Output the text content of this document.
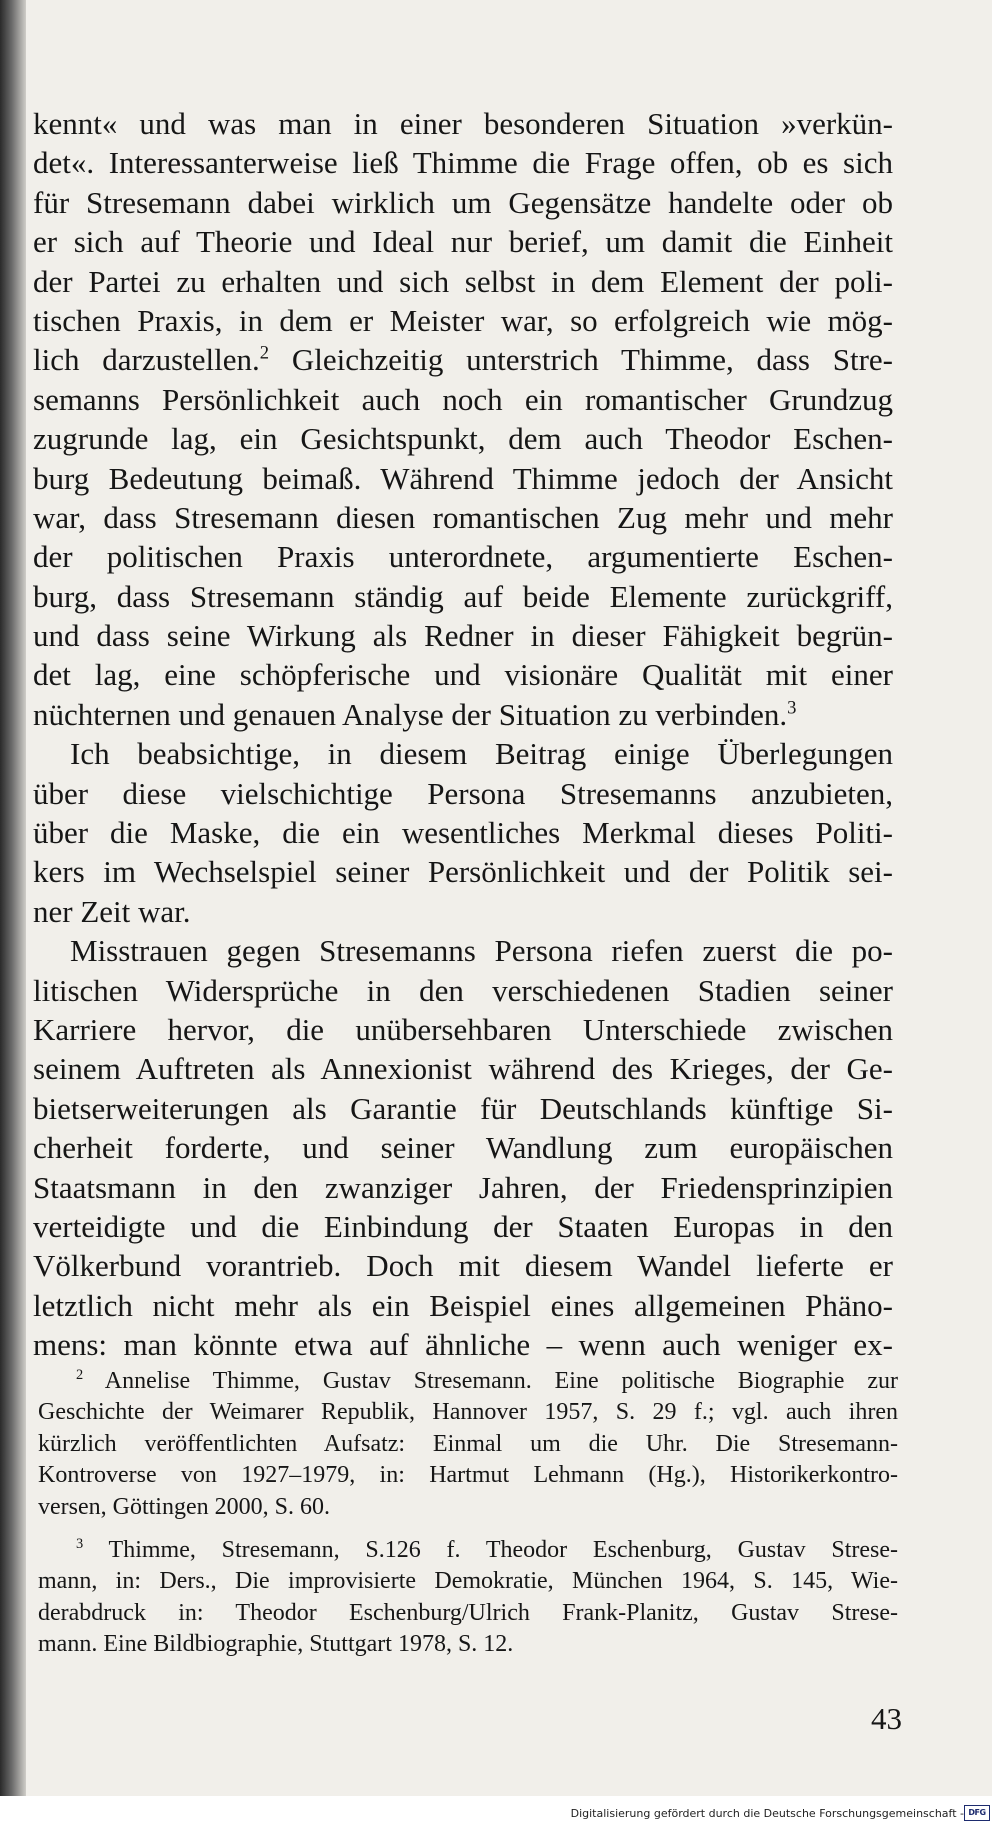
kennt« und was man in einer besonderen Situation »verkün-
det«. Interessanterweise ließ Thimme die Frage offen, ob es sich
für Stresemann dabei wirklich um Gegensätze handelte oder ob
er sich auf Theorie und Ideal nur berief, um damit die Einheit
der Partei zu erhalten und sich selbst in dem Element der poli-
tischen Praxis, in dem er Meister war, so erfolgreich wie mög-
lich darzustellen.$^2$ Gleichzeitig unterstrich Thimme, dass Stre-
semanns Persönlichkeit auch noch ein romantischer Grundzug
zugrunde lag, ein Gesichtspunkt, dem auch Theodor Eschen-
burg Bedeutung beimaß. Während Thimme jedoch der Ansicht
war, dass Stresemann diesen romantischen Zug mehr und mehr
der politischen Praxis unterordnete, argumentierte Eschen-
burg, dass Stresemann ständig auf beide Elemente zurückgriff,
und dass seine Wirkung als Redner in dieser Fähigkeit begrün-
det lag, eine schöpferische und visionäre Qualität mit einer
nüchternen und genauen Analyse der Situation zu verbinden.$^3$
Ich beabsichtige, in diesem Beitrag einige Überlegungen
über diese vielschichtige Persona Stresemanns anzubieten,
über die Maske, die ein wesentliches Merkmal dieses Politi-
kers im Wechselspiel seiner Persönlichkeit und der Politik sei-
ner Zeit war.
Misstrauen gegen Stresemanns Persona riefen zuerst die po-
litischen Widersprüche in den verschiedenen Stadien seiner
Karriere hervor, die unübersehbaren Unterschiede zwischen
seinem Auftreten als Annexionist während des Krieges, der Ge-
bietserweiterungen als Garantie für Deutschlands künftige Si-
cherheit forderte, und seiner Wandlung zum europäischen
Staatsmann in den zwanziger Jahren, der Friedensprinzipien
verteidigte und die Einbindung der Staaten Europas in den
Völkerbund vorantrieb. Doch mit diesem Wandel lieferte er
letztlich nicht mehr als ein Beispiel eines allgemeinen Phäno-
mens: man könnte etwa auf ähnliche – wenn auch weniger ex-
$^2$ Annelise Thimme, Gustav Stresemann. Eine politische Biographie zur
Geschichte der Weimarer Republik, Hannover 1957, S. 29 f.; vgl. auch ihren
kürzlich veröffentlichten Aufsatz: Einmal um die Uhr. Die Stresemann-
Kontroverse von 1927–1979, in: Hartmut Lehmann (Hg.), Historikerkontro-
versen, Göttingen 2000, S. 60.
$^3$ Thimme, Stresemann, S.126 f. Theodor Eschenburg, Gustav Strese-
mann, in: Ders., Die improvisierte Demokratie, München 1964, S. 145, Wie-
derabdruck in: Theodor Eschenburg/Ulrich Frank-Planitz, Gustav Strese-
mann. Eine Bildbiographie, Stuttgart 1978, S. 12.
43
Digitalisierung gefördert durch die Deutsche Forschungsgemeinschaft - DFG
